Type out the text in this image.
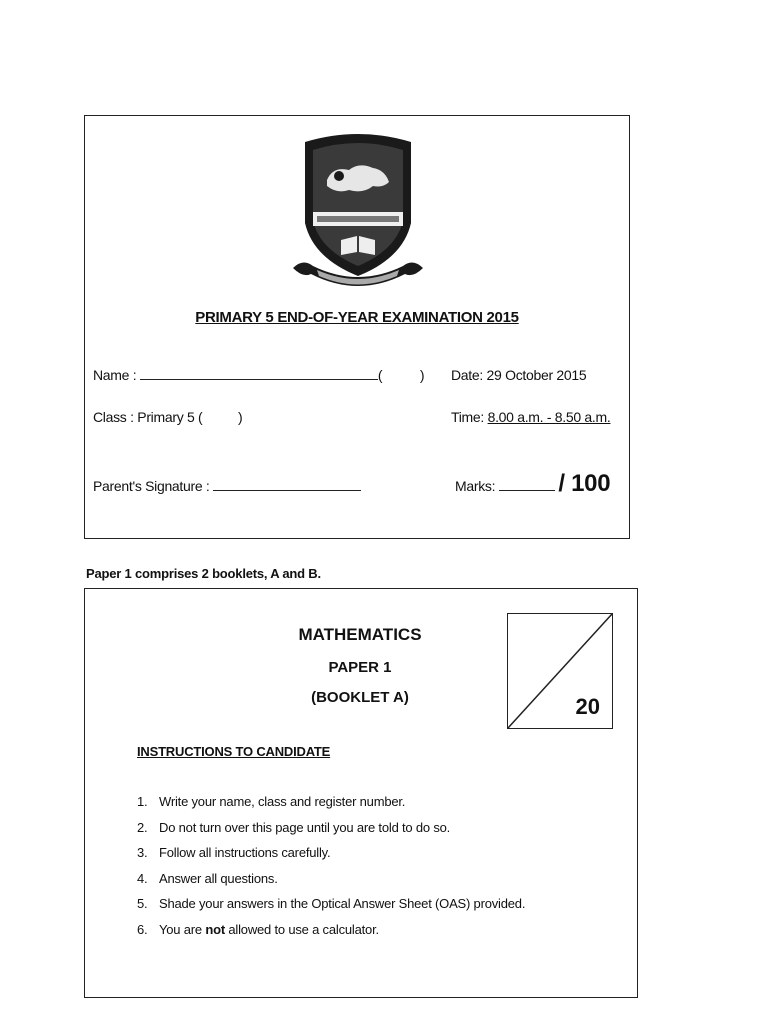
PRIMARY 5 END-OF-YEAR EXAMINATION 2015
Name :	(	) Date: 29 October 2015
Class : Primary 5 (	)	Time: 8.00 a.m. - 8.50 a.m.
Parent's Signature :	Marks:	/ 100
Paper 1 comprises 2 booklets, A and B.
MATHEMATICS
PAPER 1
(BOOKLET A)	20
INSTRUCTIONS TO CANDIDATE
1. Write your name, class and register number.
2. Do not turn over this page until you are told to do so.
3. Follow all instructions carefully.
4. Answer all questions.
5. Shade your answers in the Optical Answer Sheet (OAS) provided.
6. You are not allowed to use a calculator.
